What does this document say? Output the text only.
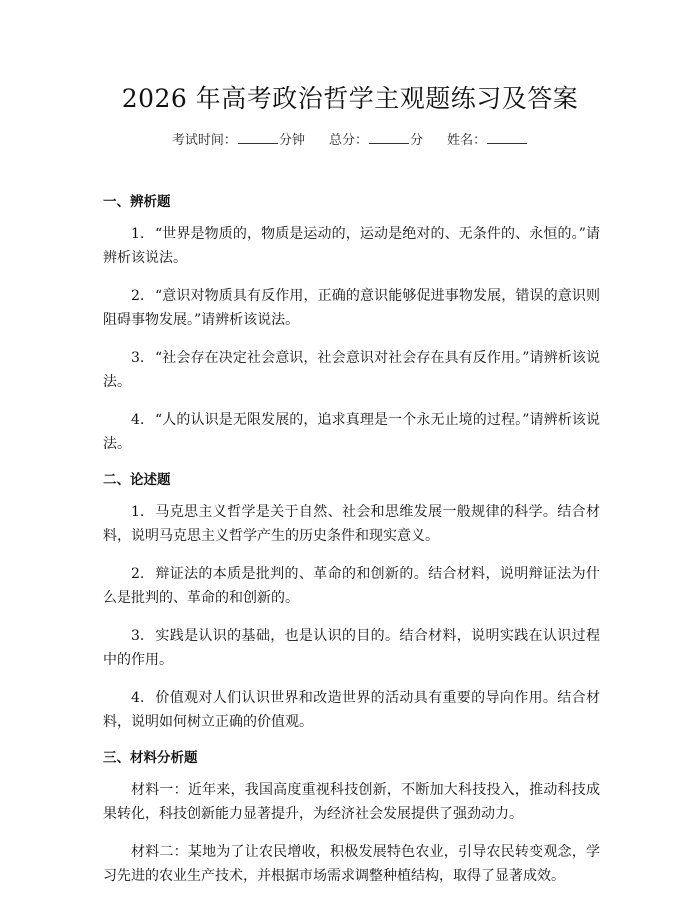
2026 年高考政治哲学主观题练习及答案
考试时间：	分钟 总分：	分 姓名：
一、辨析题

1. “世界是物质的，物质是运动的，运动是绝对的、无条件的、永恒的。”请辨析该说法。

2. “意识对物质具有反作用，正确的意识能够促进事物发展，错误的意识则阻碍事物发展。”请辨析该说法。

3. “社会存在决定社会意识，社会意识对社会存在具有反作用。”请辨析该说法。

4. “人的认识是无限发展的，追求真理是一个永无止境的过程。”请辨析该说法。

二、论述题

1. 马克思主义哲学是关于自然、社会和思维发展一般规律的科学。结合材料，说明马克思主义哲学产生的历史条件和现实意义。

2. 辩证法的本质是批判的、革命的和创新的。结合材料，说明辩证法为什么是批判的、革命的和创新的。

3. 实践是认识的基础，也是认识的目的。结合材料，说明实践在认识过程中的作用。

4. 价值观对人们认识世界和改造世界的活动具有重要的导向作用。结合材料，说明如何树立正确的价值观。

三、材料分析题

材料一：近年来，我国高度重视科技创新，不断加大科技投入，推动科技成果转化，科技创新能力显著提升，为经济社会发展提供了强劲动力。

材料二：某地为了让农民增收，积极发展特色农业，引导农民转变观念，学习先进的农业生产技术，并根据市场需求调整种植结构，取得了显著成效。
